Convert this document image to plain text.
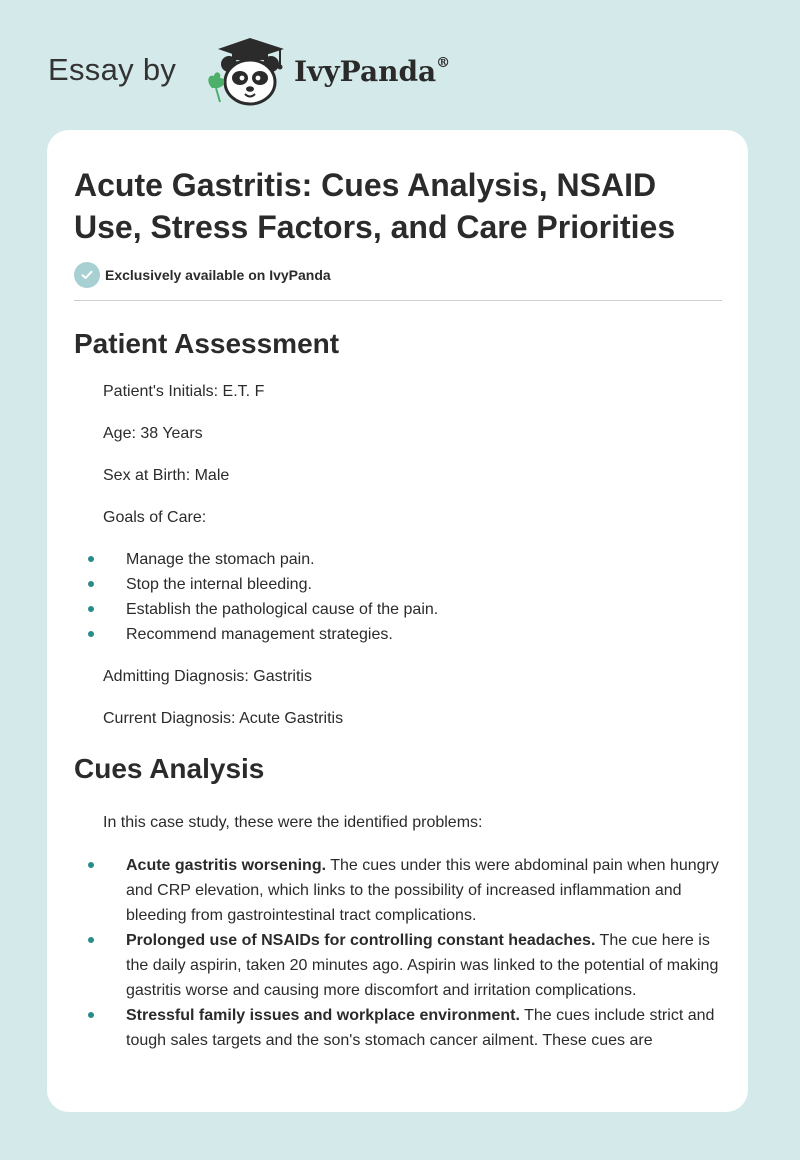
Essay by	IvyPanda®
Acute Gastritis: Cues Analysis, NSAID Use, Stress Factors, and Care Priorities
Exclusively available on IvyPanda
Patient Assessment

Patient's Initials: E.T. F

Age: 38 Years

Sex at Birth: Male

Goals of Care:

Manage the stomach pain.
Stop the internal bleeding.
Establish the pathological cause of the pain.
Recommend management strategies.

Admitting Diagnosis: Gastritis

Current Diagnosis: Acute Gastritis

Cues Analysis

In this case study, these were the identified problems:

Acute gastritis worsening. The cues under this were abdominal pain when hungry and CRP elevation, which links to the possibility of increased inflammation and bleeding from gastrointestinal tract complications.
Prolonged use of NSAIDs for controlling constant headaches. The cue here is the daily aspirin, taken 20 minutes ago. Aspirin was linked to the potential of making gastritis worse and causing more discomfort and irritation complications.
Stressful family issues and workplace environment. The cues include strict and tough sales targets and the son's stomach cancer ailment. These cues are
